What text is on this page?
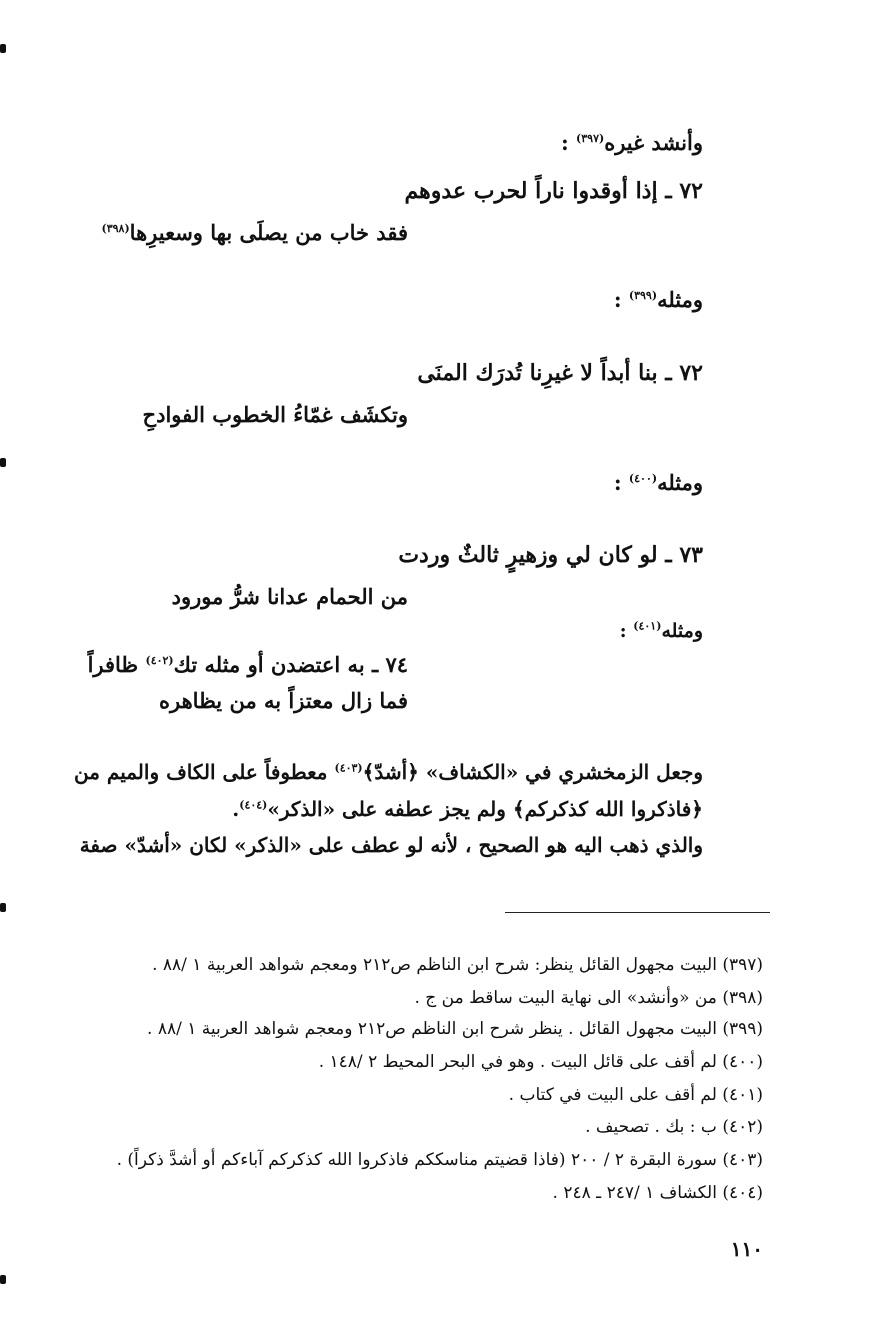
وأنشد غيره$^{(٣٩٧)}$ :
٧٢ ـ إذا أوقدوا ناراً لحرب عدوهم
فقد خاب من يصلَى بها وسعيرِها$^{(٣٩٨)}$
ومثله$^{(٣٩٩)}$ :
٧٢ ـ بنا أبداً لا غيرِنا تُدرَك المنَى
وتكشَف غمّاءُ الخطوب الفوادحِ
ومثله$^{(٤٠٠)}$ :
٧٣ ـ لو كان لي وزهيرٍ ثالثٌ وردت
من الحمام عدانا شرُّ مورود
ومثله$^{(٤٠١)}$ :
٧٤ ـ به اعتضدن أو مثله تك$^{(٤٠٢)}$ ظافراً
فما زال معتزاً به من يظاهره
وجعل الزمخشري في «الكشاف» ﴿أشدّ﴾$^{(٤٠٣)}$ معطوفاً على الكاف والميم من
﴿فاذكروا الله كذكركم﴾ ولم يجز عطفه على «الذكر»$^{(٤٠٤)}$.
والذي ذهب اليه هو الصحيح ، لأنه لو عطف على «الذكر» لكان «أشدّ» صفة
(٣٩٧) البيت مجهول القائل ينظر: شرح ابن الناظم ص٢١٢ ومعجم شواهد العربية ١ /٨٨ .
(٣٩٨) من «وأنشد» الى نهاية البيت ساقط من ج .
(٣٩٩) البيت مجهول القائل . ينظر شرح ابن الناظم ص٢١٢ ومعجم شواهد العربية ١ /٨٨ .
(٤٠٠) لم أقف على قائل البيت . وهو في البحر المحيط ٢ /١٤٨ .
(٤٠١) لم أقف على البيت في كتاب .
(٤٠٢) ب : بك . تصحيف .
(٤٠٣) سورة البقرة ٢ / ٢٠٠ (فاذا قضيتم مناسككم فاذكروا الله كذكركم آباءكم أو أشدَّ ذكراً) .
(٤٠٤) الكشاف ١ /٢٤٧ ـ ٢٤٨ .
١١٠
